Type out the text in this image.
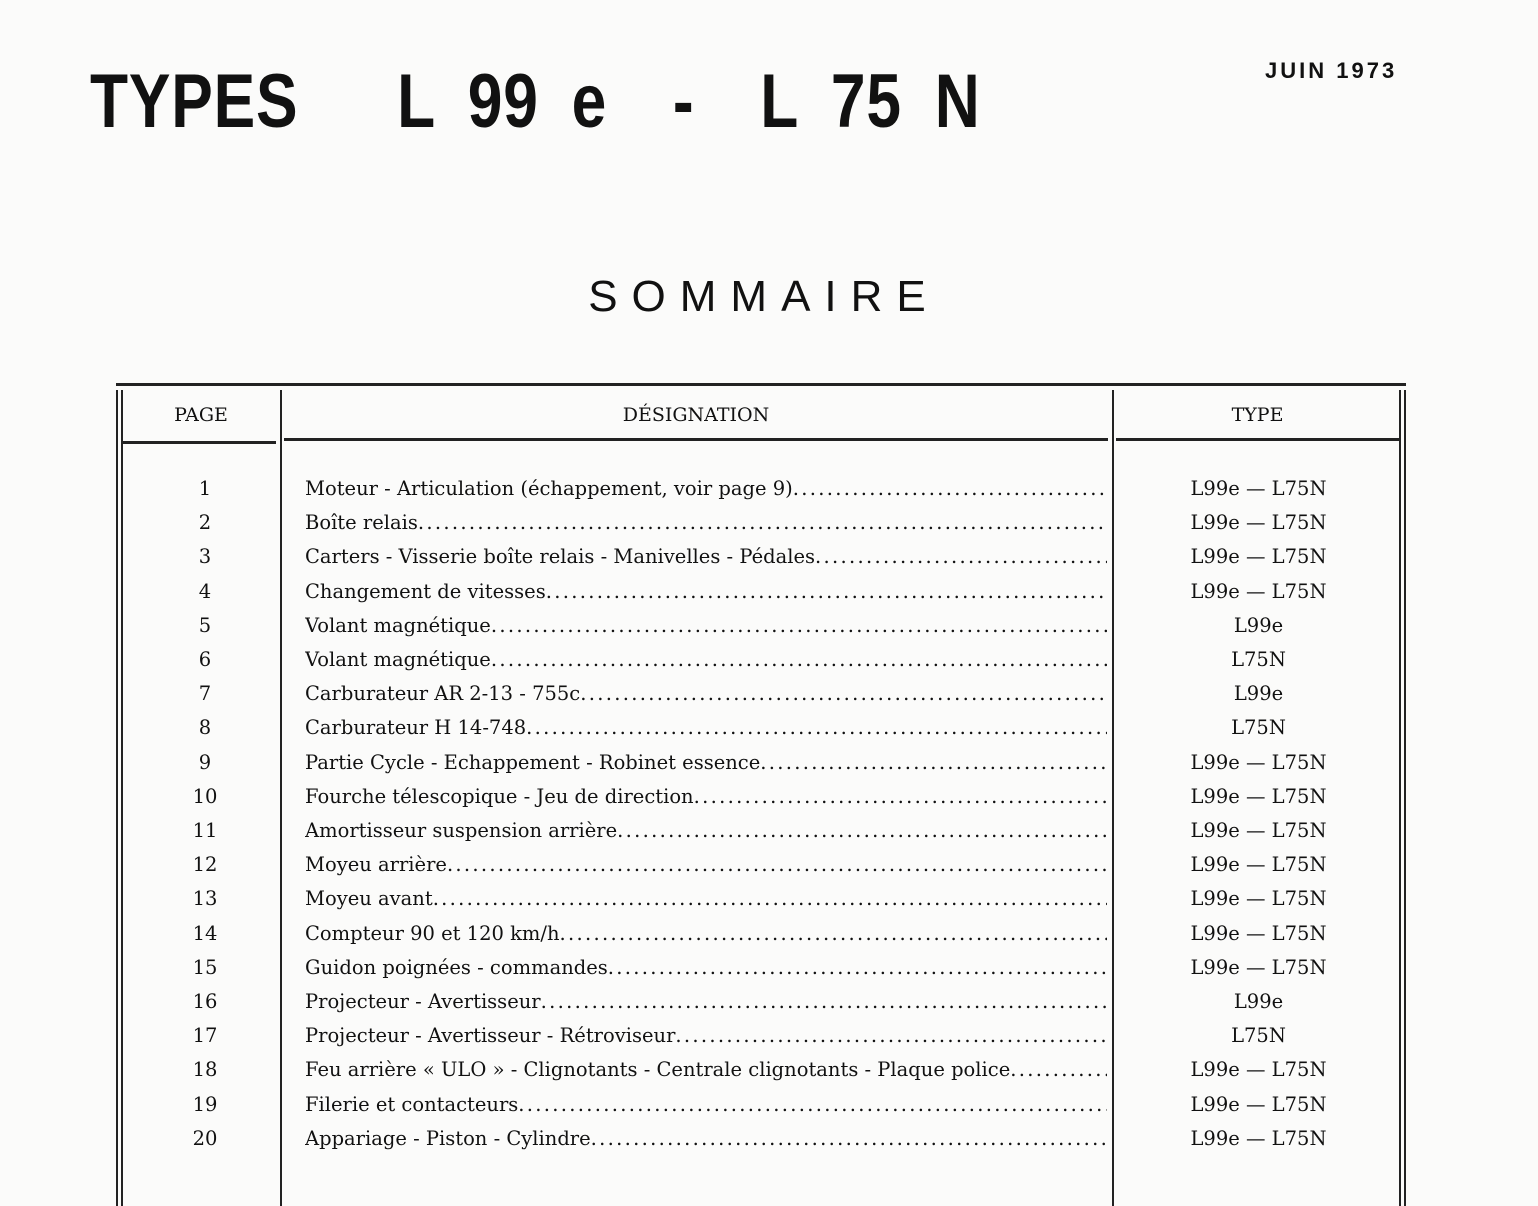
TYPES   L 99 e  -  L 75 N	JUIN 1973
SOMMAIRE
PAGE	DÉSIGNATION	TYPE
1	Moteur - Articulation (échappement, voir page 9) .....	L99e — L75N
2	Boîte relais .....	L99e — L75N
3	Carters - Visserie boîte relais - Manivelles - Pédales .....	L99e — L75N
4	Changement de vitesses .....	L99e — L75N
5	Volant magnétique .....	L99e
6	Volant magnétique .....	L75N
7	Carburateur AR 2-13 - 755c .....	L99e
8	Carburateur H 14-748 .....	L75N
9	Partie Cycle - Echappement - Robinet essence .....	L99e — L75N
10	Fourche télescopique - Jeu de direction .....	L99e — L75N
11	Amortisseur suspension arrière .....	L99e — L75N
12	Moyeu arrière .....	L99e — L75N
13	Moyeu avant .....	L99e — L75N
14	Compteur 90 et 120 km/h .....	L99e — L75N
15	Guidon poignées - commandes .....	L99e — L75N
16	Projecteur - Avertisseur .....	L99e
17	Projecteur - Avertisseur - Rétroviseur .....	L75N
18	Feu arrière « ULO » - Clignotants - Centrale clignotants - Plaque police .....	L99e — L75N
19	Filerie et contacteurs .....	L99e — L75N
20	Appariage - Piston - Cylindre .....	L99e — L75N
